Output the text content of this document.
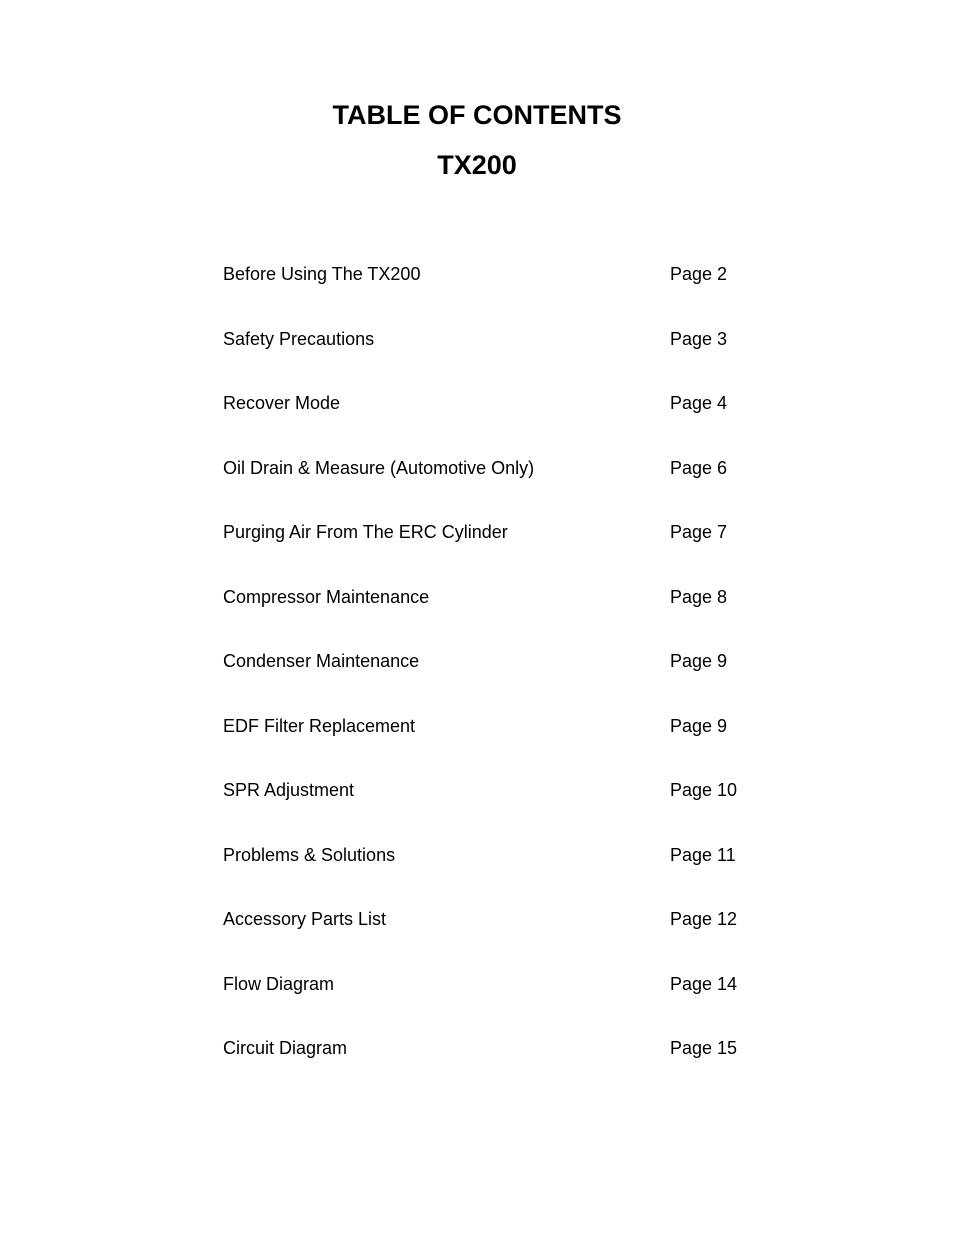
TABLE OF CONTENTS
TX200
Before Using The TX200	Page 2
Safety Precautions	Page 3
Recover Mode	Page 4
Oil Drain & Measure (Automotive Only)	Page 6
Purging Air From The ERC Cylinder	Page 7
Compressor Maintenance	Page 8
Condenser Maintenance	Page 9
EDF Filter Replacement	Page 9
SPR Adjustment	Page 10
Problems & Solutions	Page 11
Accessory Parts List	Page 12
Flow Diagram	Page 14
Circuit Diagram	Page 15
